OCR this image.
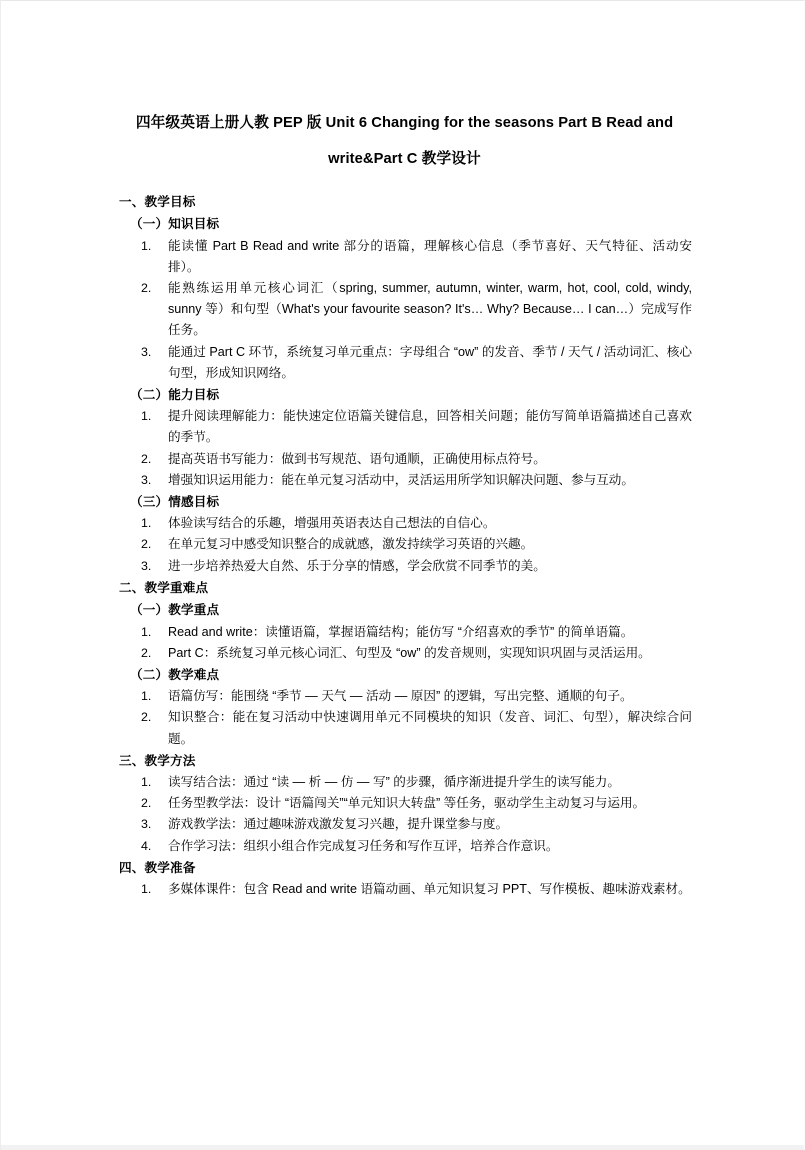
四年级英语上册人教 PEP 版 Unit 6 Changing for the seasons Part B Read and write&Part C 教学设计
一、教学目标
（一）知识目标
1.	能读懂 Part B Read and write 部分的语篇，理解核心信息（季节喜好、天气特征、活动安排）。
2.	能熟练运用单元核心词汇（spring, summer, autumn, winter, warm, hot, cool, cold, windy, sunny 等）和句型（What's your favourite season? It's… Why? Because… I can…）完成写作任务。
3.	能通过 Part C 环节，系统复习单元重点：字母组合 “ow” 的发音、季节 / 天气 / 活动词汇、核心句型，形成知识网络。
（二）能力目标
1.	提升阅读理解能力：能快速定位语篇关键信息，回答相关问题；能仿写简单语篇描述自己喜欢的季节。
2.	提高英语书写能力：做到书写规范、语句通顺，正确使用标点符号。
3.	增强知识运用能力：能在单元复习活动中，灵活运用所学知识解决问题、参与互动。
（三）情感目标
1.	体验读写结合的乐趣，增强用英语表达自己想法的自信心。
2.	在单元复习中感受知识整合的成就感，激发持续学习英语的兴趣。
3.	进一步培养热爱大自然、乐于分享的情感，学会欣赏不同季节的美。
二、教学重难点
（一）教学重点
1.	Read and write：读懂语篇，掌握语篇结构；能仿写 “介绍喜欢的季节” 的简单语篇。
2.	Part C：系统复习单元核心词汇、句型及 “ow” 的发音规则，实现知识巩固与灵活运用。
（二）教学难点
1.	语篇仿写：能围绕 “季节 — 天气 — 活动 — 原因” 的逻辑，写出完整、通顺的句子。
2.	知识整合：能在复习活动中快速调用单元不同模块的知识（发音、词汇、句型），解决综合问题。
三、教学方法
1.	读写结合法：通过 “读 — 析 — 仿 — 写” 的步骤，循序渐进提升学生的读写能力。
2.	任务型教学法：设计 “语篇闯关”“单元知识大转盘” 等任务，驱动学生主动复习与运用。
3.	游戏教学法：通过趣味游戏激发复习兴趣，提升课堂参与度。
4.	合作学习法：组织小组合作完成复习任务和写作互评，培养合作意识。
四、教学准备
1.	多媒体课件：包含 Read and write 语篇动画、单元知识复习 PPT、写作模板、趣味游戏素材。
